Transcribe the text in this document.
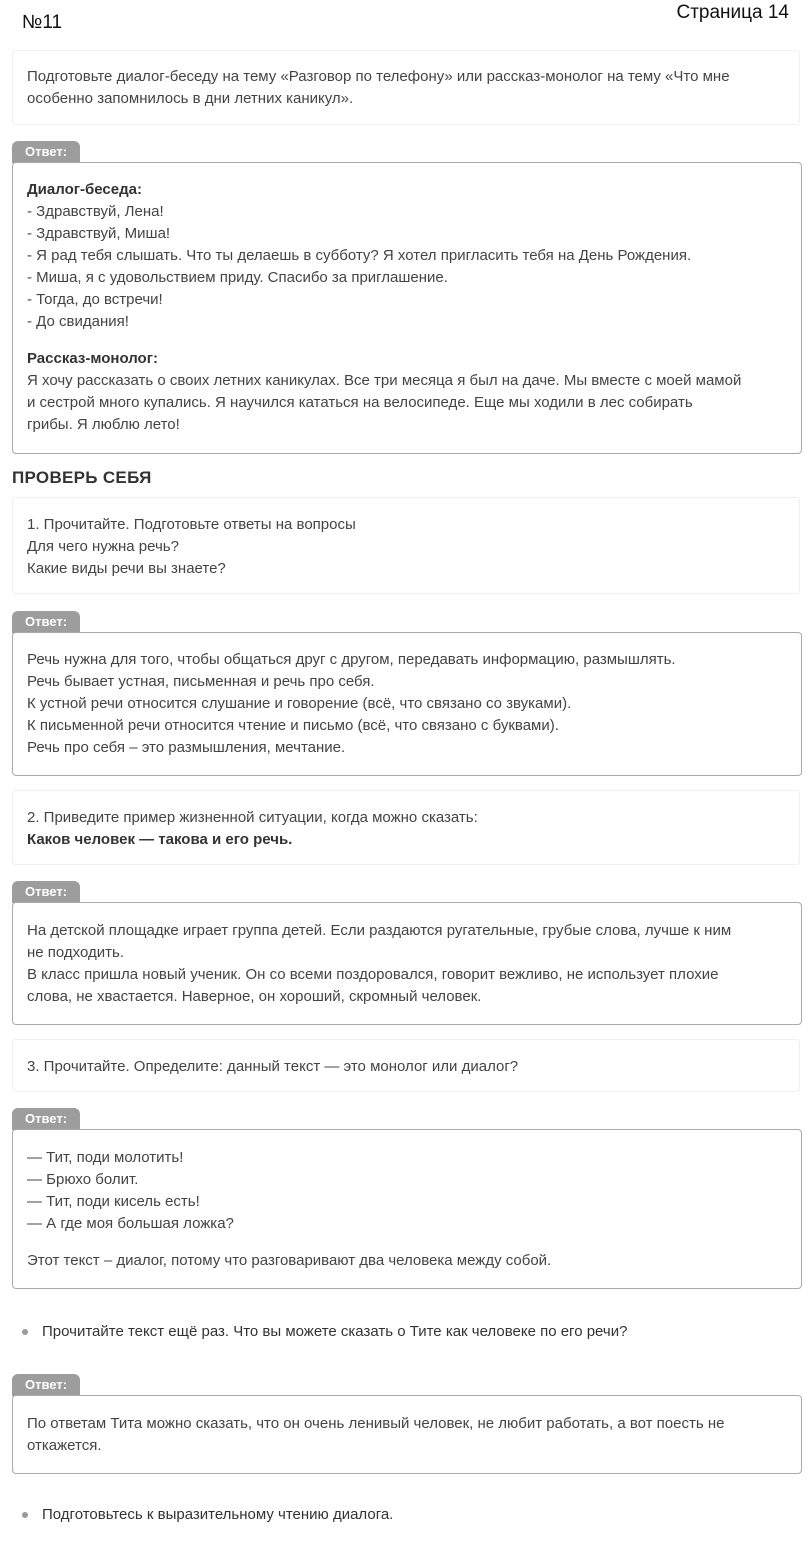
№11	Страница 14

Подготовьте диалог-беседу на тему «Разговор по телефону» или рассказ-монолог на тему «Что мне

особенно запомнилось в дни летних каникул».

Ответ:

Диалог-беседа:

- Здравствуй, Лена!

- Здравствуй, Миша!

- Я рад тебя слышать. Что ты делаешь в субботу? Я хотел пригласить тебя на День Рождения.

- Миша, я с удовольствием приду. Спасибо за приглашение.

- Тогда, до встречи!

- До свидания!

Рассказ-монолог:

Я хочу рассказать о своих летних каникулах. Все три месяца я был на даче. Мы вместе с моей мамой

и сестрой много купались. Я научился кататься на велосипеде. Еще мы ходили в лес собирать

грибы. Я люблю лето!

ПРОВЕРЬ СЕБЯ

1. Прочитайте. Подготовьте ответы на вопросы

Для чего нужна речь?

Какие виды речи вы знаете?

Ответ:

Речь нужна для того, чтобы общаться друг с другом, передавать информацию, размышлять.

Речь бывает устная, письменная и речь про себя.

К устной речи относится слушание и говорение (всё, что связано со звуками).

К письменной речи относится чтение и письмо (всё, что связано с буквами).

Речь про себя – это размышления, мечтание.

2. Приведите пример жизненной ситуации, когда можно сказать:

Каков человек — такова и его речь.

Ответ:

На детской площадке играет группа детей. Если раздаются ругательные, грубые слова, лучше к ним

не подходить.

В класс пришла новый ученик. Он со всеми поздоровался, говорит вежливо, не использует плохие

слова, не хвастается. Наверное, он хороший, скромный человек.

3. Прочитайте. Определите: данный текст — это монолог или диалог?

Ответ:

— Тит, поди молотить!

— Брюхо болит.

— Тит, поди кисель есть!

— А где моя большая ложка?

Этот текст – диалог, потому что разговаривают два человека между собой.

Прочитайте текст ещё раз. Что вы можете сказать о Тите как человеке по его речи?
Ответ:

По ответам Тита можно сказать, что он очень ленивый человек, не любит работать, а вот поесть не

откажется.

Подготовьтесь к выразительному чтению диалога.
